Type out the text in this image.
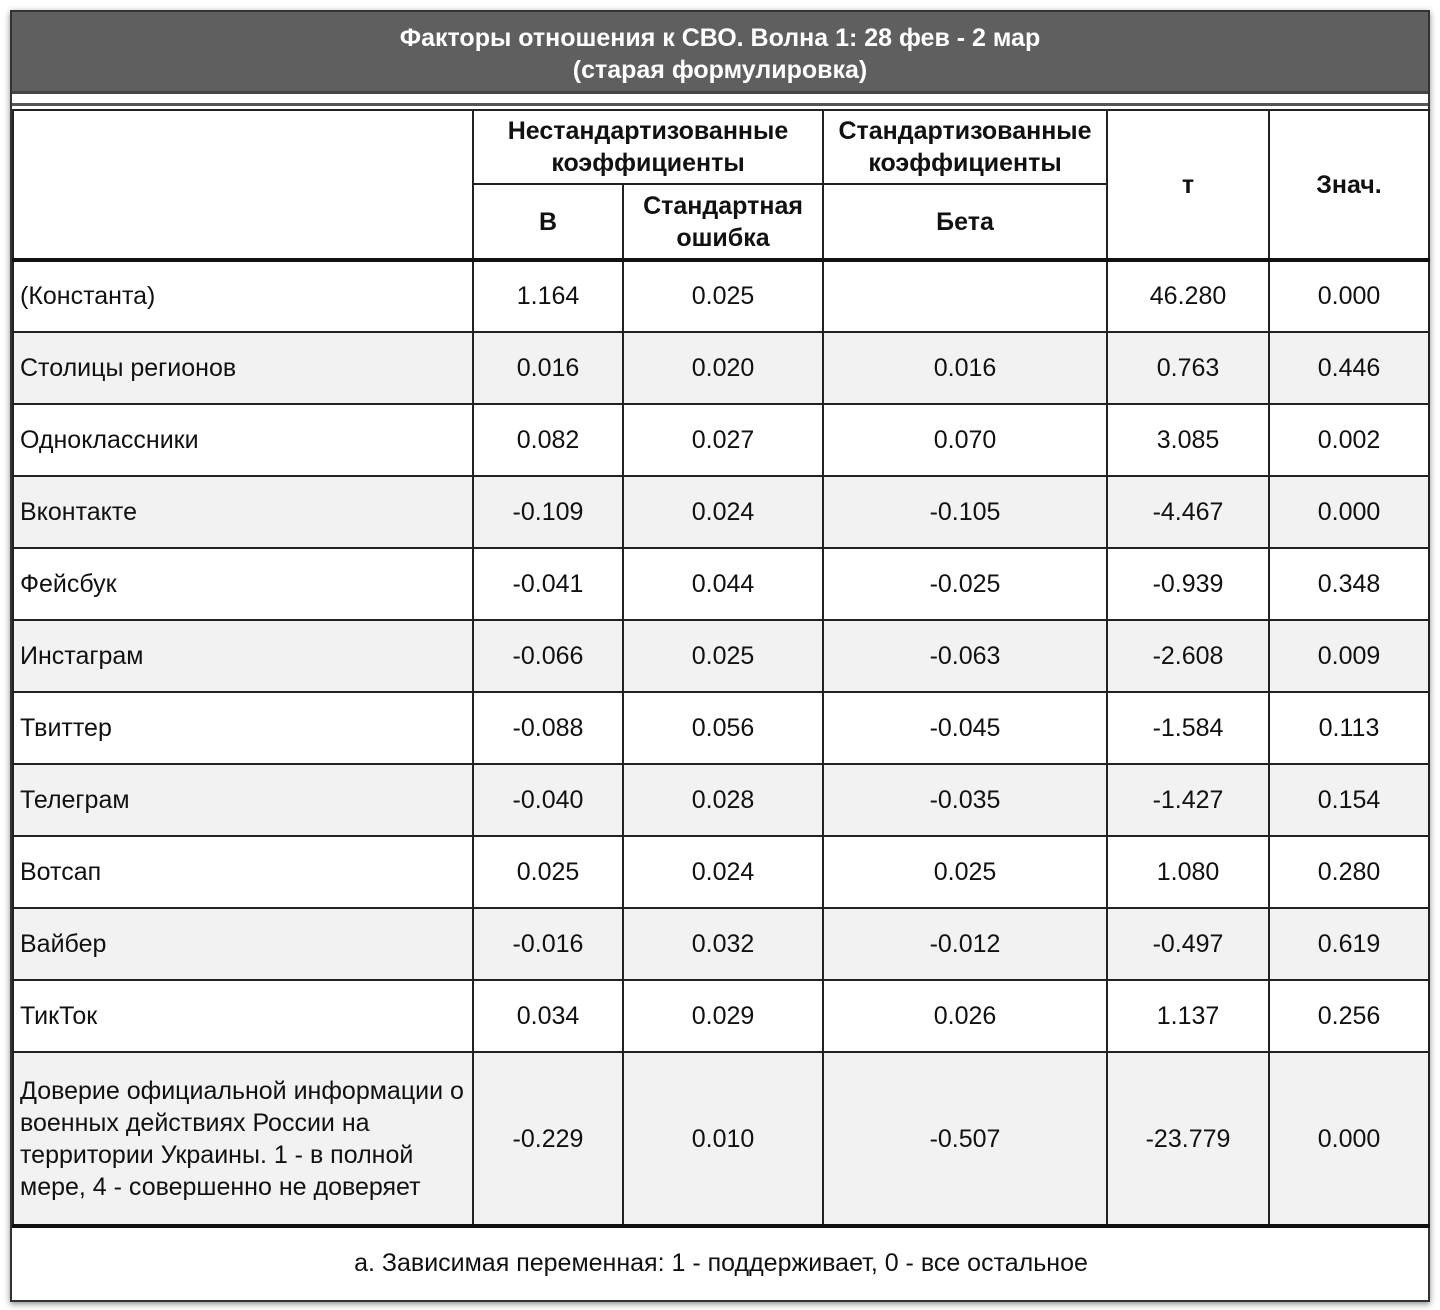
Факторы отношения к СВО. Волна 1: 28 фев - 2 мар
(старая формулировка)
	Нестандартизованные коэффициенты		Стандартизованные коэффициенты	т	Знач.
	B	Стандартная ошибка	Бета		
(Константа)	1.164	0.025		46.280	0.000
Столицы регионов	0.016	0.020	0.016	0.763	0.446
Одноклассники	0.082	0.027	0.070	3.085	0.002
Вконтакте	-0.109	0.024	-0.105	-4.467	0.000
Фейсбук	-0.041	0.044	-0.025	-0.939	0.348
Инстаграм	-0.066	0.025	-0.063	-2.608	0.009
Твиттер	-0.088	0.056	-0.045	-1.584	0.113
Телеграм	-0.040	0.028	-0.035	-1.427	0.154
Вотсап	0.025	0.024	0.025	1.080	0.280
Вайбер	-0.016	0.032	-0.012	-0.497	0.619
ТикТок	0.034	0.029	0.026	1.137	0.256
Доверие официальной информации о военных действиях России на территории Украины. 1 - в полной мере, 4 - совершенно не доверяет	-0.229	0.010	-0.507	-23.779	0.000
a. Зависимая переменная: 1 - поддерживает, 0 - все остальное					
